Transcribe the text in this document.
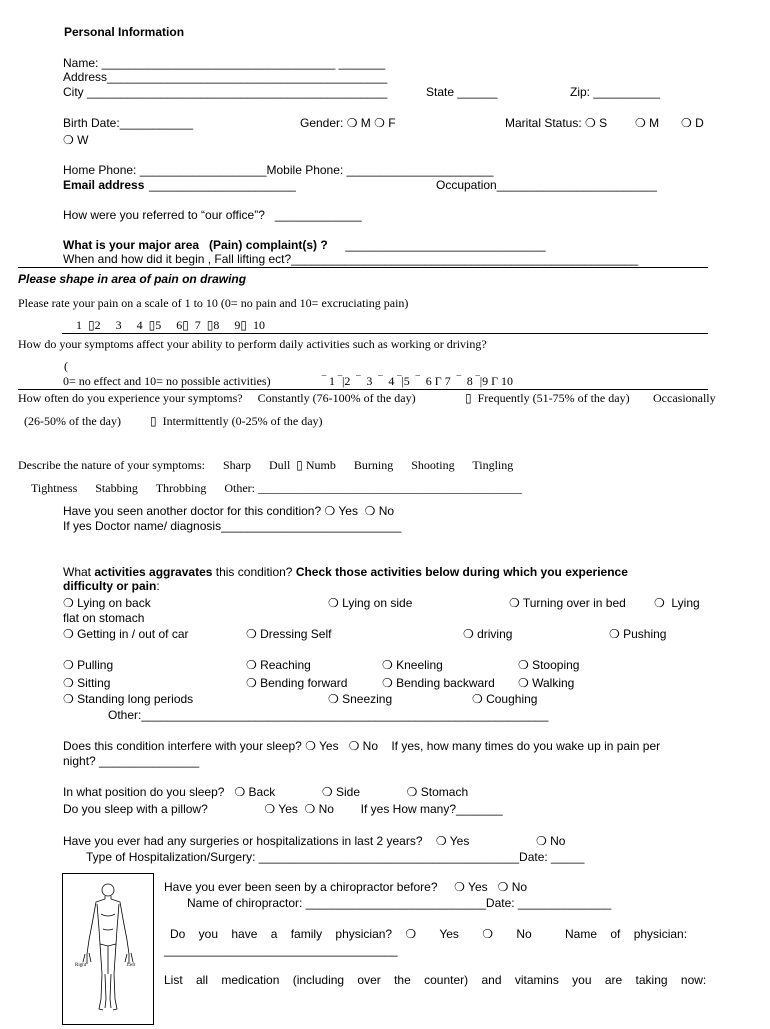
Personal Information
Name: ___________________________________ _______
Address__________________________________________
City _____________________________________________	State ______	Zip: __________
Birth Date:___________	Gender: ❍ M ❍ F	Marital Status: ❍ S ❍ M ❍ D
❍ W
Home Phone: ___________________Mobile Phone: ______________________
Email address ______________________	Occupation________________________
How were you referred to “our office”?   _____________
What is your major area   (Pain) complaint(s) ? ______________________________
When and how did it begin , Fall lifting ect?____________________________________________________
Please shape in area of pain on drawing
Please rate your pain on a scale of 1 to 10 (0= no pain and 10= excruciating pain)
1  ▯2     3     4  ▯5     6▯  7  ▯8     9▯  10
How do your symptoms affect your ability to perform daily activities such as working or driving?
(
0= no effect and 10= no possible activities)	‾ 1 ‾|2  ‾  3  ‾  4 ‾|5  ‾  6 Γ 7  ‾  8 ‾|9 Γ 10
How often do you experience your symptoms?     Constantly (76-100% of the day)	▯  Frequently (51-75% of the day) Occasionally
(26-50% of the day) ▯  Intermittently (0-25% of the day)
Describe the nature of your symptoms:      Sharp      Dull  ▯ Numb      Burning      Shooting      Tingling
Tightness      Stabbing      Throbbing      Other: ____________________________________________
Have you seen another doctor for this condition? ❍ Yes  ❍ No
If yes Doctor name/ diagnosis___________________________
What activities aggravates this condition? Check those activities below during which you experience
difficulty or pain:
❍ Lying on back	❍ Lying on side	❍ Turning over in bed ❍  Lying
flat on stomach
❍ Getting in / out of car	❍ Dressing Self	❍ driving	❍ Pushing
❍ Pulling	❍ Reaching	❍ Kneeling	❍ Stooping
❍ Sitting	❍ Bending forward	❍ Bending backward ❍ Walking
❍ Standing long periods	❍ Sneezing	❍ Coughing
Other:_____________________________________________________________
Does this condition interfere with your sleep? ❍ Yes   ❍ No    If yes, how many times do you wake up in pain per
night? _______________
In what position do you sleep?   ❍ Back              ❍ Side              ❍ Stomach
Do you sleep with a pillow?                 ❍ Yes  ❍ No        If yes How many?_______
Have you ever had any surgeries or hospitalizations in last 2 years?    ❍ Yes                    ❍ No
Type of Hospitalization/Surgery: _______________________________________Date: _____
Right	Left
Have you ever been seen by a chiropractor before?     ❍ Yes   ❍ No
Name of chiropractor: ___________________________Date: ______________
Do    you    have    a    family    physician?    ❍       Yes       ❍       No          Name    of    physician:
___________________________________
List    all    medication    (including    over    the    counter)    and    vitamins    you    are    taking    now:
